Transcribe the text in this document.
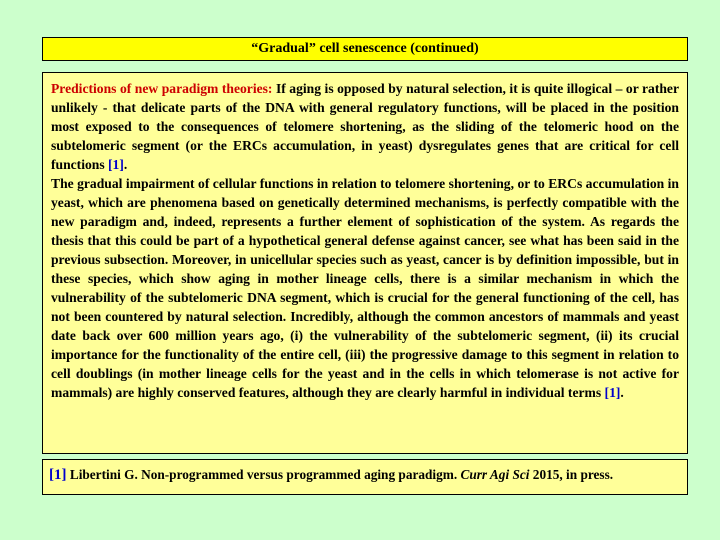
“Gradual” cell senescence (continued)

Predictions of new paradigm theories: If aging is opposed by natural selection, it is quite illogical – or rather unlikely - that delicate parts of the DNA with general regulatory functions, will be placed in the position most exposed to the consequences of telomere shortening, as the sliding of the telomeric hood on the subtelomeric segment (or the ERCs accumulation, in yeast) dysregulates genes that are critical for cell functions [1].

The gradual impairment of cellular functions in relation to telomere shortening, or to ERCs accumulation in yeast, which are phenomena based on genetically determined mechanisms, is perfectly compatible with the new paradigm and, indeed, represents a further element of sophistication of the system. As regards the thesis that this could be part of a hypothetical general defense against cancer, see what has been said in the previous subsection. Moreover, in unicellular species such as yeast, cancer is by definition impossible, but in these species, which show aging in mother lineage cells, there is a similar mechanism in which the vulnerability of the subtelomeric DNA segment, which is crucial for the general functioning of the cell, has not been countered by natural selection. Incredibly, although the common ancestors of mammals and yeast date back over 600 million years ago, (i) the vulnerability of the subtelomeric segment, (ii) its crucial importance for the functionality of the entire cell, (iii) the progressive damage to this segment in relation to cell doublings (in mother lineage cells for the yeast and in the cells in which telomerase is not active for mammals) are highly conserved features, although they are clearly harmful in individual terms [1].

[1] Libertini G. Non-programmed versus programmed aging paradigm. Curr Agi Sci 2015, in press.
